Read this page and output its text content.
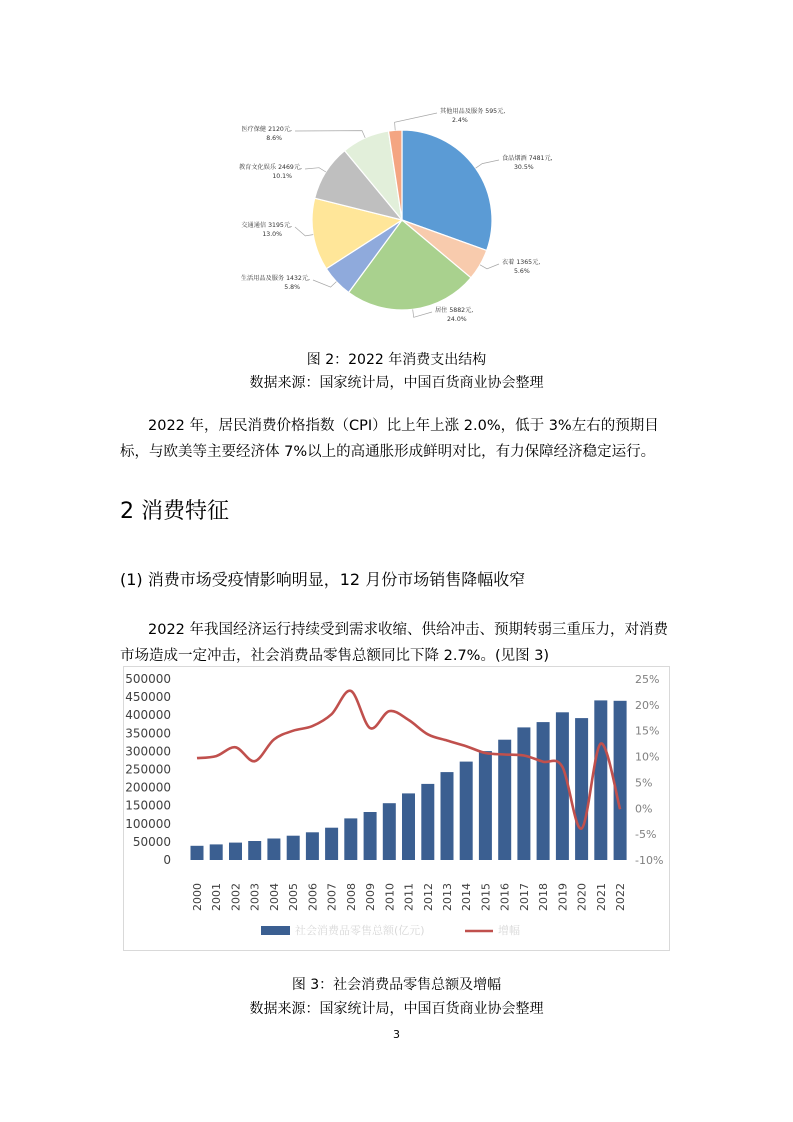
食品烟酒 7481元,
30.5%
衣着 1365元,
5.6%
居住 5882元,
24.0%
生活用品及服务 1432元,
5.8%
交通通信 3195元,
13.0%
教育文化娱乐 2469元,
10.1%
医疗保健 2120元,
8.6%
其他用品及服务 595元,
2.4%
图 2：2022 年消费支出结构
数据来源：国家统计局，中国百货商业协会整理
2022 年，居民消费价格指数（CPI）比上年上涨 2.0%，低于 3%左右的预期目标，与欧美等主要经济体 7%以上的高通胀形成鲜明对比，有力保障经济稳定运行。
2 消费特征
(1) 消费市场受疫情影响明显，12 月份市场销售降幅收窄
2022 年我国经济运行持续受到需求收缩、供给冲击、预期转弱三重压力，对消费市场造成一定冲击，社会消费品零售总额同比下降 2.7%。(见图 3)
500000
450000
400000
350000
300000
250000
200000
150000
100000
50000
0
25%
20%
15%
10%
5%
0%
-5%
-10%
2000 2001 2002 2003 2004 2005 2006 2007 2008 2009 2010 2011 2012 2013 2014 2015 2016 2017 2018 2019 2020 2021 2022
社会消费品零售总额(亿元)	增幅
图 3：社会消费品零售总额及增幅
数据来源：国家统计局，中国百货商业协会整理
3
